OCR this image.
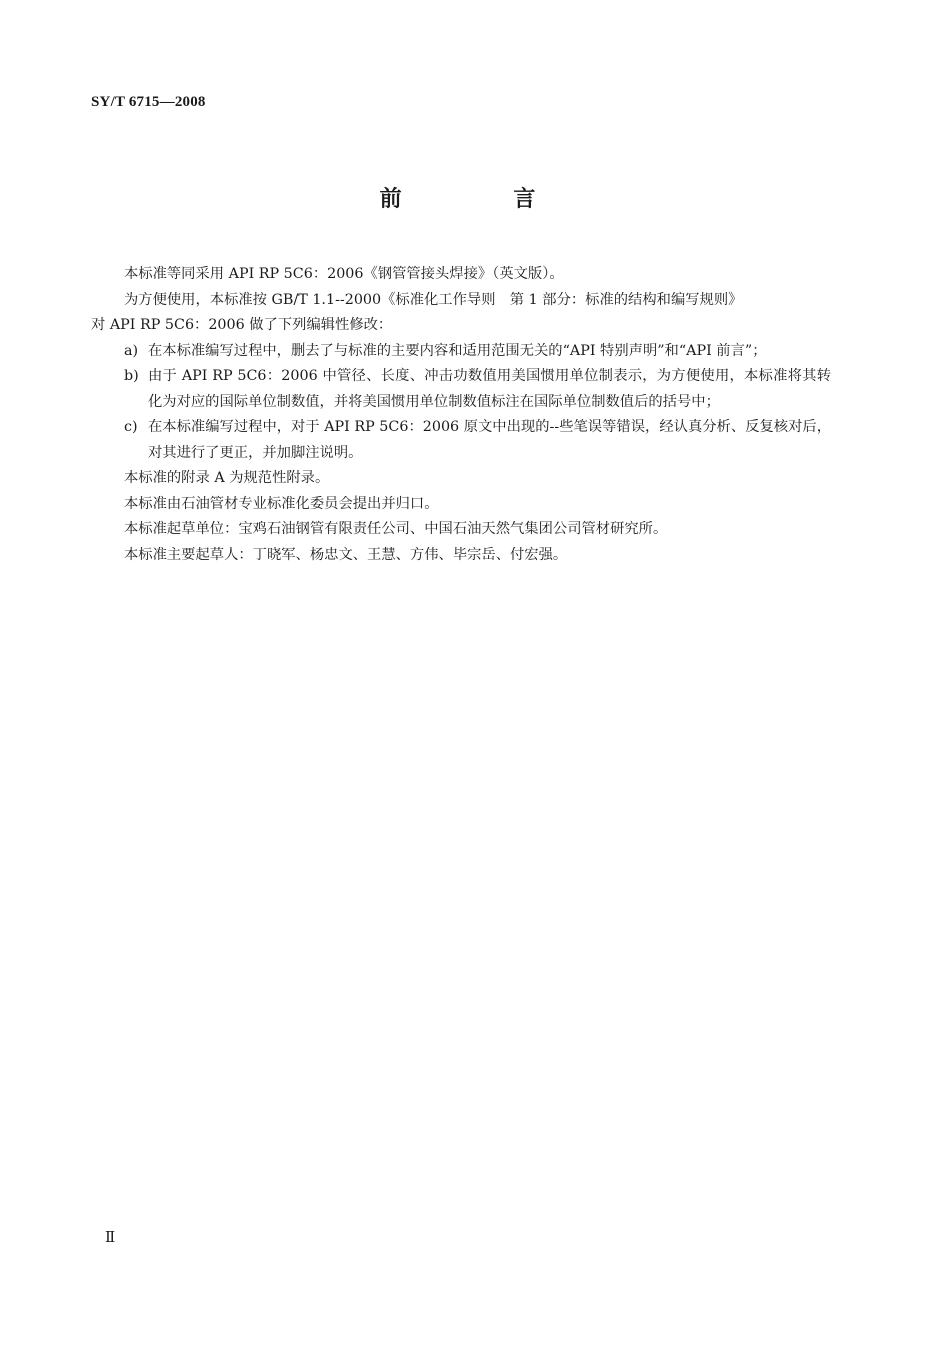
SY/T 6715—2008
前 言

本标准等同采用 API RP 5C6：2006《钢管管接头焊接》（英文版）。

为方便使用，本标准按 GB/T 1.1--2000《标准化工作导则　第 1 部分：标准的结构和编写规则》

对 API RP 5C6：2006 做了下列编辑性修改：

a) 在本标准编写过程中，删去了与标准的主要内容和适用范围无关的“API 特别声明”和“API 前言”；
b) 由于 API RP 5C6：2006 中管径、长度、冲击功数值用美国惯用单位制表示，为方便使用，本标准将其转化为对应的国际单位制数值，并将美国惯用单位制数值标注在国际单位制数值后的括号中；
c) 在本标准编写过程中，对于 API RP 5C6：2006 原文中出现的--些笔误等错误，经认真分析、反复核对后，对其进行了更正，并加脚注说明。

本标准的附录 A 为规范性附录。

本标准由石油管材专业标准化委员会提出并归口。

本标准起草单位：宝鸡石油钢管有限责任公司、中国石油天然气集团公司管材研究所。

本标准主要起草人：丁晓军、杨忠文、王慧、方伟、毕宗岳、付宏强。

Ⅱ
